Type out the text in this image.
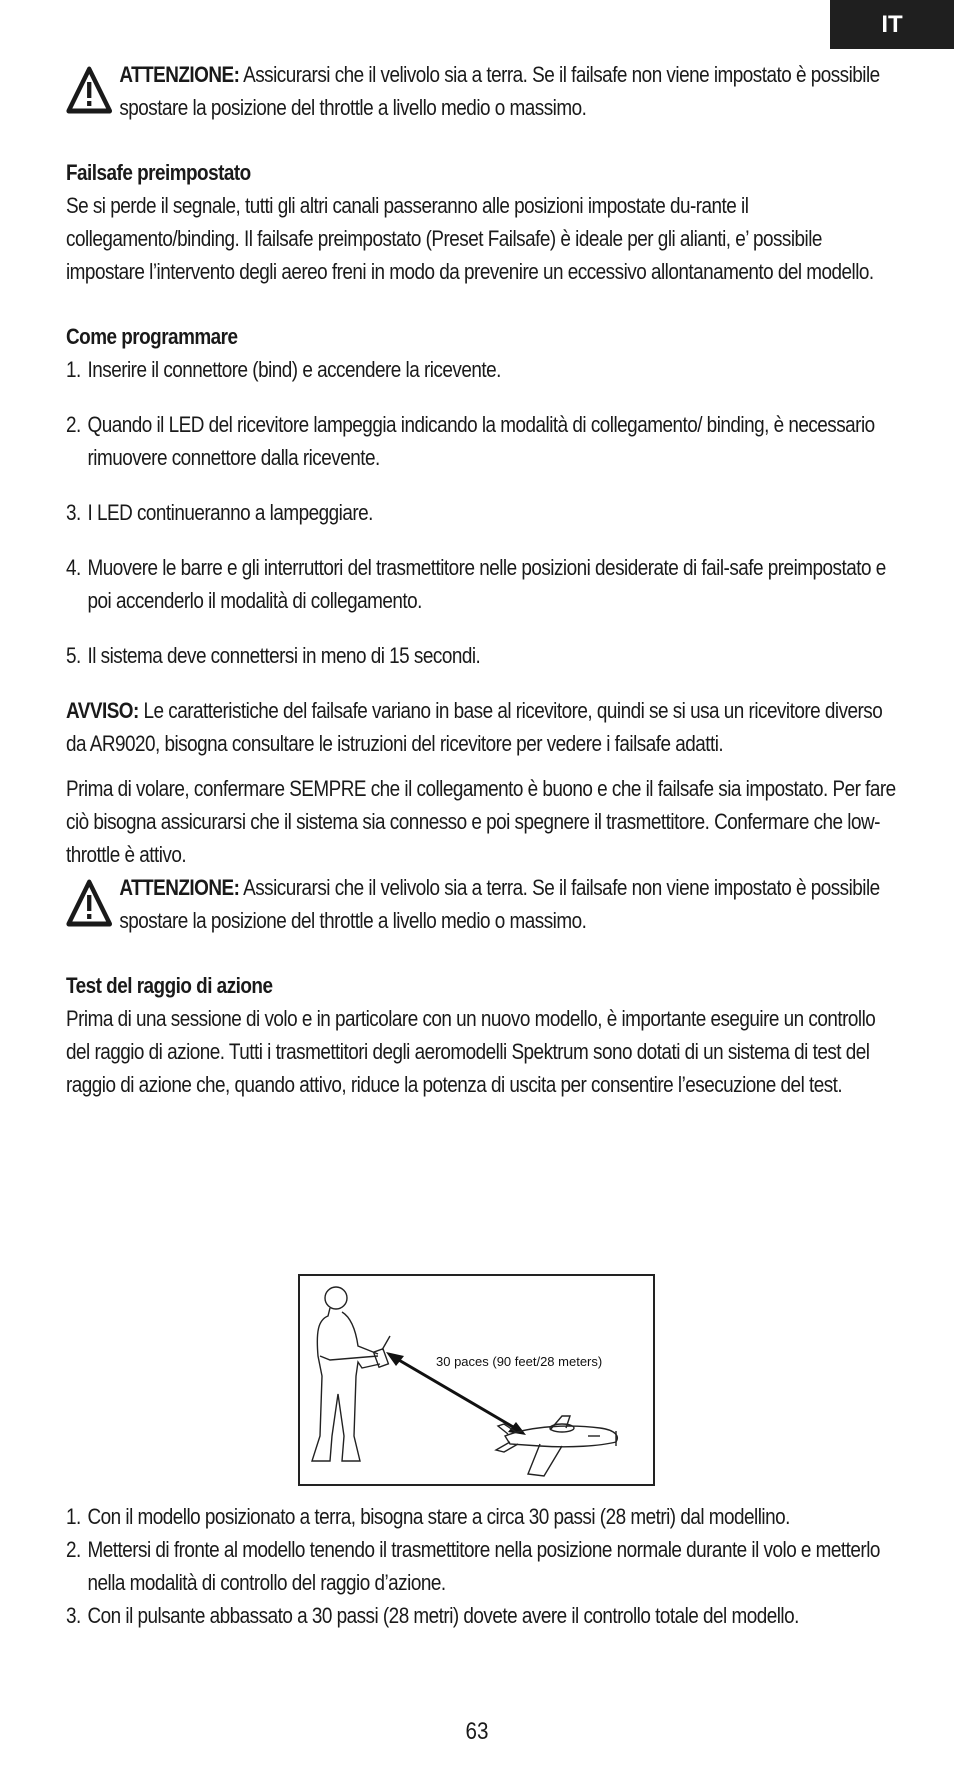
IT

ATTENZIONE: Assicurarsi che il velivolo sia a terra. Se il failsafe non viene impostato è possibile spostare la posizione del throttle a livello medio o massimo.

Failsafe preimpostato

Se si perde il segnale, tutti gli altri canali passeranno alle posizioni impostate du-rante il collegamento/binding. Il failsafe preimpostato (Preset Failsafe) è ideale per gli alianti, e’ possibile impostare l’intervento degli aereo freni in modo da prevenire un eccessivo allontanamento del modello.

Come programmare

1. Inserire il connettore (bind) e accendere la ricevente.
2. Quando il LED del ricevitore lampeggia indicando la modalità di collegamento/ binding, è necessario rimuovere connettore dalla ricevente.
3. I LED continueranno a lampeggiare.
4. Muovere le barre e gli interruttori del trasmettitore nelle posizioni desiderate di fail-safe preimpostato e poi accenderlo il modalità di collegamento.
5. Il sistema deve connettersi in meno di 15 secondi.

AVVISO: Le caratteristiche del failsafe variano in base al ricevitore, quindi se si usa un ricevitore diverso da AR9020, bisogna consultare le istruzioni del ricevitore per vedere i failsafe adatti.

Prima di volare, confermare SEMPRE che il collegamento è buono e che il failsafe sia impostato. Per fare ciò bisogna assicurarsi che il sistema sia connesso e poi spegnere il trasmettitore. Confermare che low-throttle è attivo.

ATTENZIONE: Assicurarsi che il velivolo sia a terra. Se il failsafe non viene impostato è possibile spostare la posizione del throttle a livello medio o massimo.

Test del raggio di azione

Prima di una sessione di volo e in particolare con un nuovo modello, è importante eseguire un controllo del raggio di azione. Tutti i trasmettitori degli aeromodelli Spektrum sono dotati di un sistema di test del raggio di azione che, quando attivo, riduce la potenza di uscita per consentire l’esecuzione del test.

30 paces (90 feet/28 meters)
1. Con il modello posizionato a terra, bisogna stare a circa 30 passi (28 metri) dal modellino.
2. Mettersi di fronte al modello tenendo il trasmettitore nella posizione normale durante il volo e metterlo nella modalità di controllo del raggio d’azione.
3. Con il pulsante abbassato a 30 passi (28 metri) dovete avere il controllo totale del modello.
63
